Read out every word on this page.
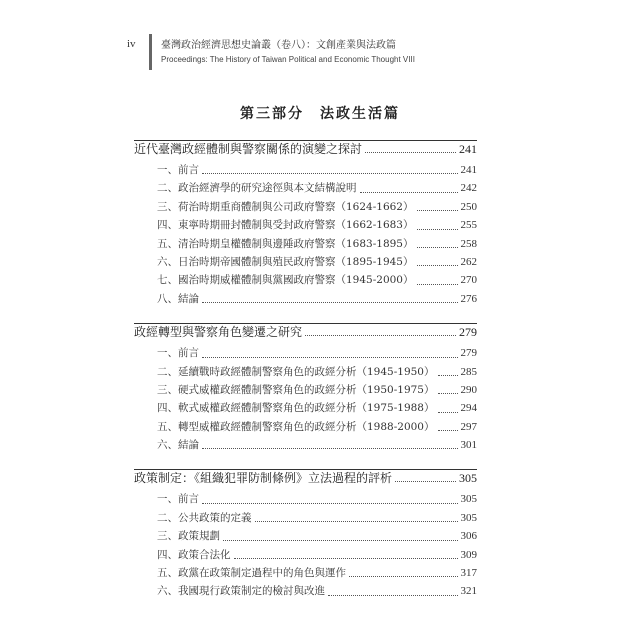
iv	臺灣政治經濟思想史論叢（卷八）：文創產業與法政篇
Proceedings: The History of Taiwan Political and Economic Thought VIII
第三部分　法政生活篇
近代臺灣政經體制與警察關係的演變之探討	241
一、前言	241
二、政治經濟學的研究途徑與本文結構說明	242
三、荷治時期重商體制與公司政府警察（1624-1662）	250
四、東寧時期冊封體制與受封政府警察（1662-1683）	255
五、清治時期皇權體制與邊陲政府警察（1683-1895）	258
六、日治時期帝國體制與殖民政府警察（1895-1945）	262
七、國治時期威權體制與黨國政府警察（1945-2000）	270
八、結論	276
政經轉型與警察角色變遷之研究	279
一、前言	279
二、延續戰時政經體制警察角色的政經分析（1945-1950） 285
三、硬式威權政經體制警察角色的政經分析（1950-1975） 290
四、軟式威權政經體制警察角色的政經分析（1975-1988） 294
五、轉型威權政經體制警察角色的政經分析（1988-2000） 297
六、結論	301
政策制定：《組織犯罪防制條例》立法過程的評析	305
一、前言	305
二、公共政策的定義	305
三、政策規劃	306
四、政策合法化	309
五、政黨在政策制定過程中的角色與運作	317
六、我國現行政策制定的檢討與改進	321
